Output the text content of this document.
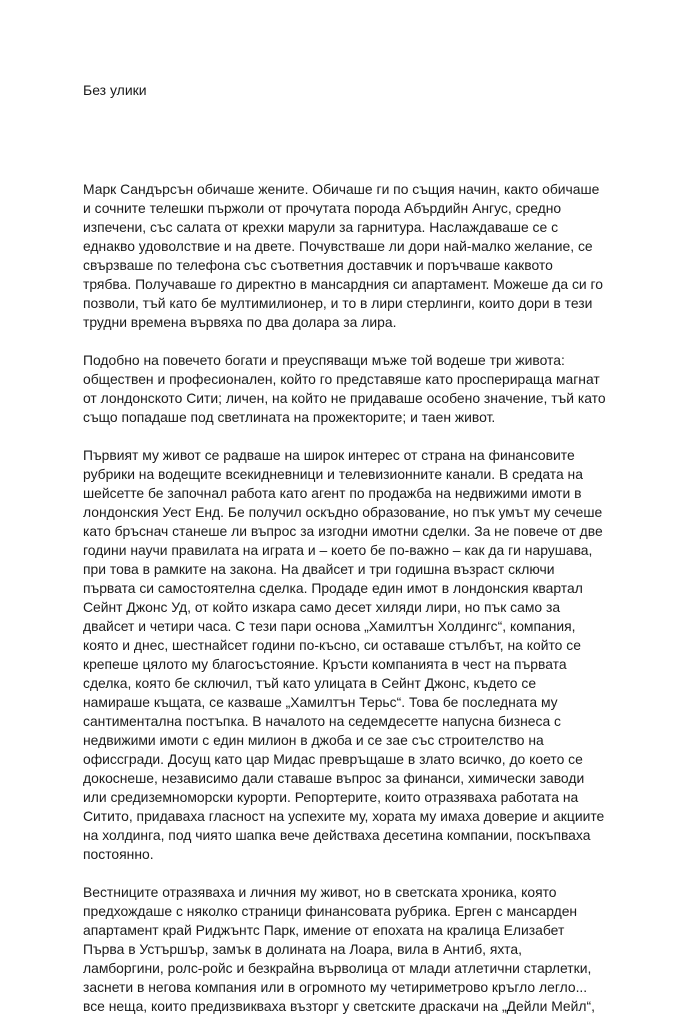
Без улики

Марк Сандърсън обичаше жените. Обичаше ги по същия начин, както обичаше
и сочните телешки пържоли от прочутата порода Абърдийн Ангус, средно
изпечени, със салата от крехки марули за гарнитура. Наслаждаваше се с
еднакво удоволствие и на двете. Почувстваше ли дори най-малко желание, се
свързваше по телефона със съответния доставчик и поръчваше каквото
трябва. Получаваше го директно в мансардния си апартамент. Можеше да си го
позволи, тъй като бе мултимилионер, и то в лири стерлинги, които дори в тези
трудни времена вървяха по два долара за лира.

Подобно на повечето богати и преуспяващи мъже той водеше три живота:
обществен и професионален, който го представяше като просперираща магнат
от лондонското Сити; личен, на който не придаваше особено значение, тъй като
също попадаше под светлината на прожекторите; и таен живот.

Първият му живот се радваше на широк интерес от страна на финансовите
рубрики на водещите всекидневници и телевизионните канали. В средата на
шейсетте бе започнал работа като агент по продажба на недвижими имоти в
лондонския Уест Енд. Бе получил оскъдно образование, но пък умът му сечеше
като бръснач станеше ли въпрос за изгодни имотни сделки. За не повече от две
години научи правилата на играта и – което бе по-важно – как да ги нарушава,
при това в рамките на закона. На двайсет и три годишна възраст сключи
първата си самостоятелна сделка. Продаде един имот в лондонския квартал
Сейнт Джонс Уд, от който изкара само десет хиляди лири, но пък само за
двайсет и четири часа. С тези пари основа „Хамилтън Холдингс“, компания,
която и днес, шестнайсет години по-късно, си оставаше стълбът, на който се
крепеше цялото му благосъстояние. Кръсти компанията в чест на първата
сделка, която бе сключил, тъй като улицата в Сейнт Джонс, където се
намираше къщата, се казваше „Хамилтън Терьс“. Това бе последната му
сантиментална постъпка. В началото на седемдесетте напусна бизнеса с
недвижими имоти с един милион в джоба и се зае със строителство на
офиссгради. Досущ като цар Мидас превръщаше в злато всичко, до което се
докоснеше, независимо дали ставаше въпрос за финанси, химически заводи
или средиземноморски курорти. Репортерите, които отразяваха работата на
Ситито, придаваха гласност на успехите му, хората му имаха доверие и акциите
на холдинга, под чиято шапка вече действаха десетина компании, поскъпваха
постоянно.

Вестниците отразяваха и личния му живот, но в светската хроника, която
предхождаше с няколко страници финансовата рубрика. Ерген с мансарден
апартамент край Риджънтс Парк, имение от епохата на кралица Елизабет
Първа в Устършър, замък в долината на Лоара, вила в Антиб, яхта,
ламборгини, ролс-ройс и безкрайна върволица от млади атлетични старлетки,
заснети в негова компания или в огромното му четириметрово кръгло легло...
все неща, които предизвикваха възторг у светските драскачи на „Дейли Мейл“,
